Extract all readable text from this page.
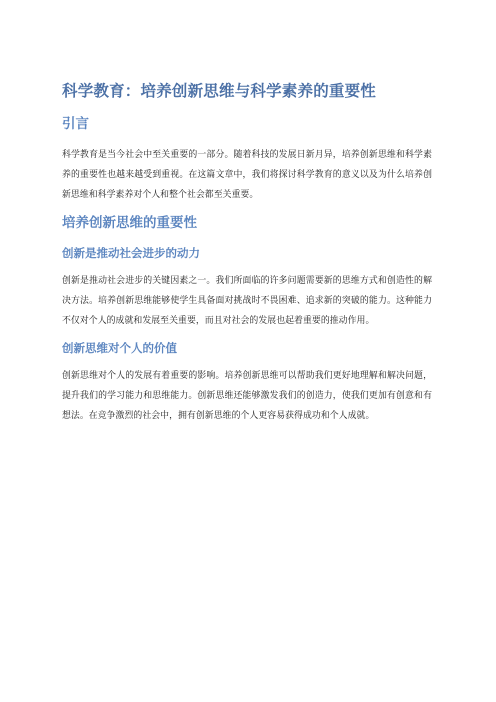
科学教育：培养创新思维与科学素养的重要性
引言

科学教育是当今社会中至关重要的一部分。随着科技的发展日新月异，培养创新思维和科学素养的重要性也越来越受到重视。在这篇文章中，我们将探讨科学教育的意义以及为什么培养创新思维和科学素养对个人和整个社会都至关重要。

培养创新思维的重要性
创新是推动社会进步的动力

创新是推动社会进步的关键因素之一。我们所面临的许多问题需要新的思维方式和创造性的解决方法。培养创新思维能够使学生具备面对挑战时不畏困难、追求新的突破的能力。这种能力不仅对个人的成就和发展至关重要，而且对社会的发展也起着重要的推动作用。

创新思维对个人的价值

创新思维对个人的发展有着重要的影响。培养创新思维可以帮助我们更好地理解和解决问题，提升我们的学习能力和思维能力。创新思维还能够激发我们的创造力，使我们更加有创意和有想法。在竞争激烈的社会中，拥有创新思维的个人更容易获得成功和个人成就。
